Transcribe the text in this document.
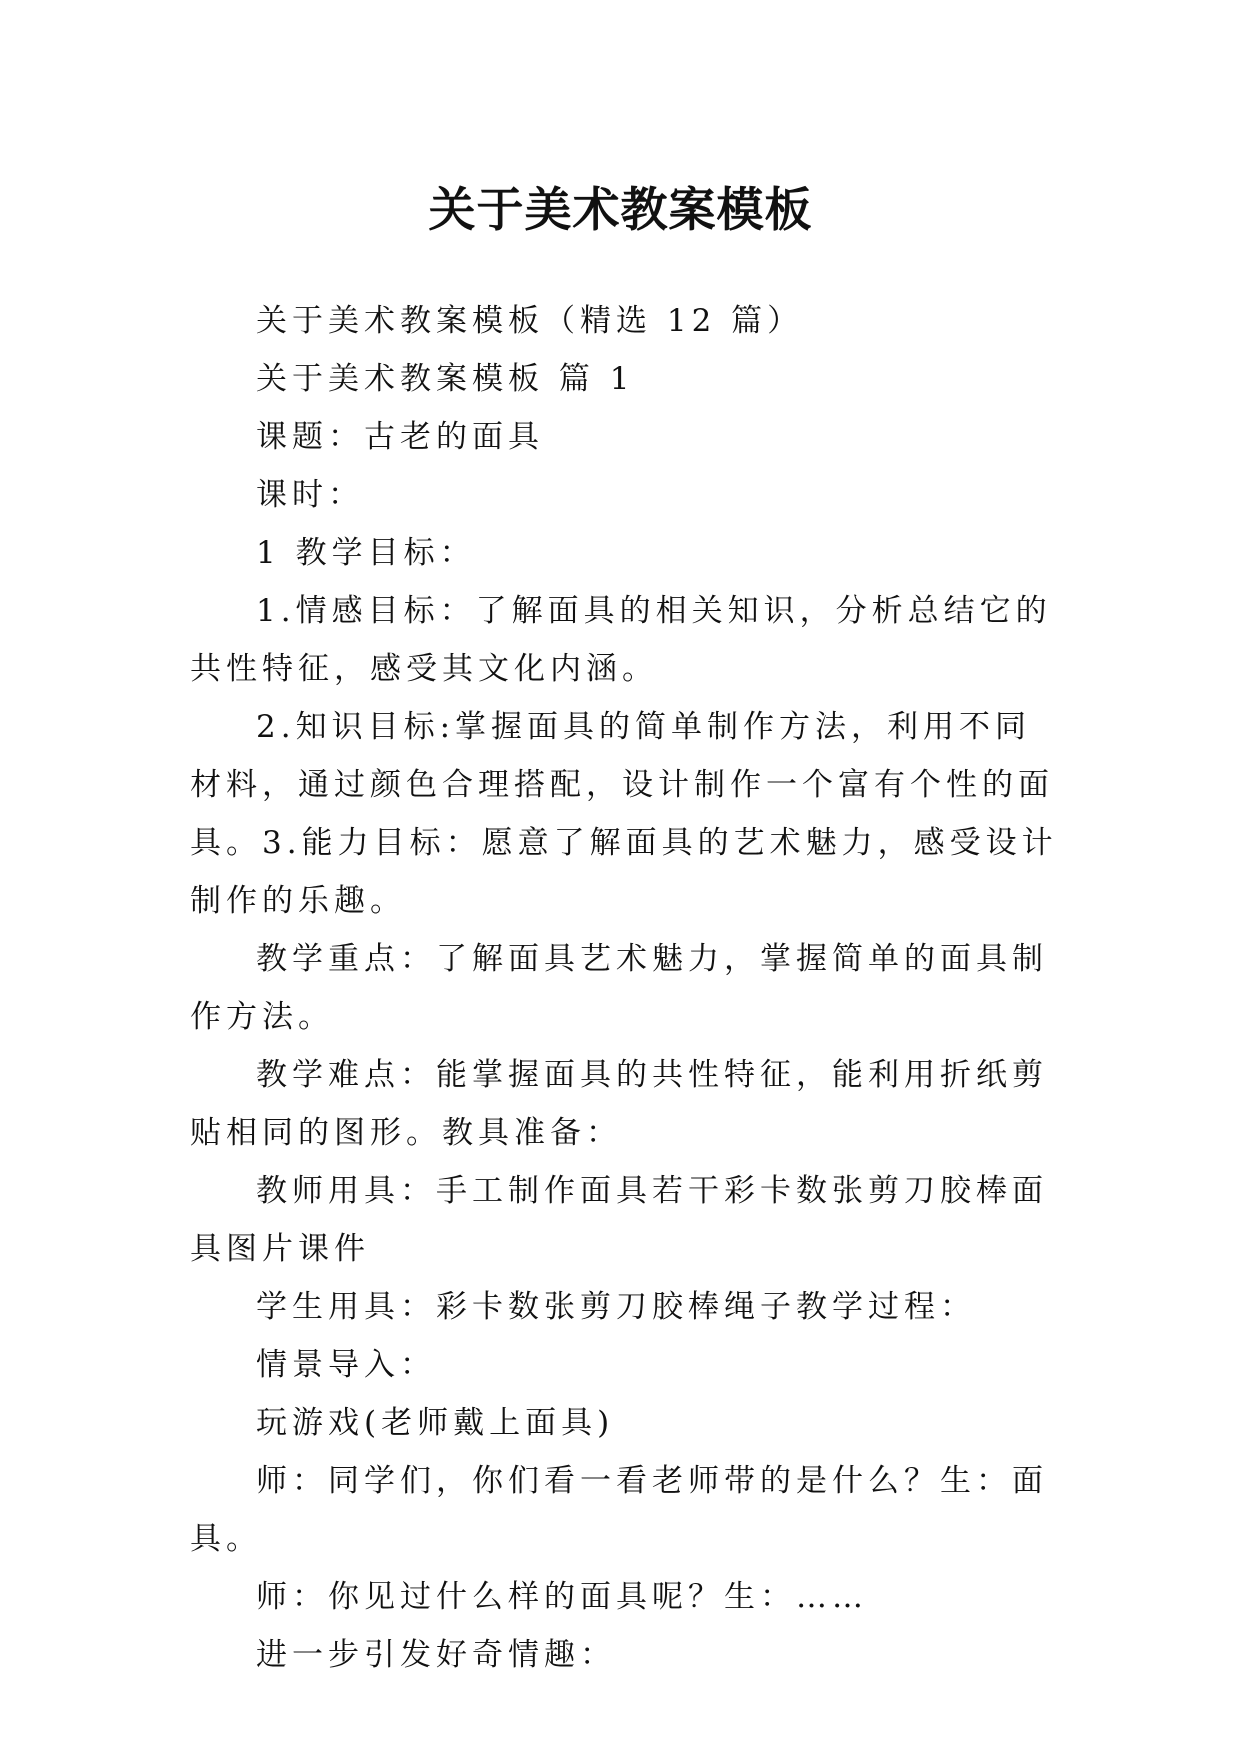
关于美术教案模板

关于美术教案模板（精选 12 篇）

关于美术教案模板 篇 1

课题：古老的面具

课时：

1 教学目标：

1.情感目标：了解面具的相关知识，分析总结它的共性特征，感受其文化内涵。

2.知识目标:掌握面具的简单制作方法，利用不同材料，通过颜色合理搭配，设计制作一个富有个性的面具。3.能力目标：愿意了解面具的艺术魅力，感受设计制作的乐趣。

教学重点：了解面具艺术魅力，掌握简单的面具制作方法。

教学难点：能掌握面具的共性特征，能利用折纸剪贴相同的图形。教具准备：

教师用具：手工制作面具若干彩卡数张剪刀胶棒面具图片课件

学生用具：彩卡数张剪刀胶棒绳子教学过程：

情景导入：

玩游戏(老师戴上面具)

师：同学们，你们看一看老师带的是什么？生：面具。

师：你见过什么样的面具呢？生：……

进一步引发好奇情趣：
